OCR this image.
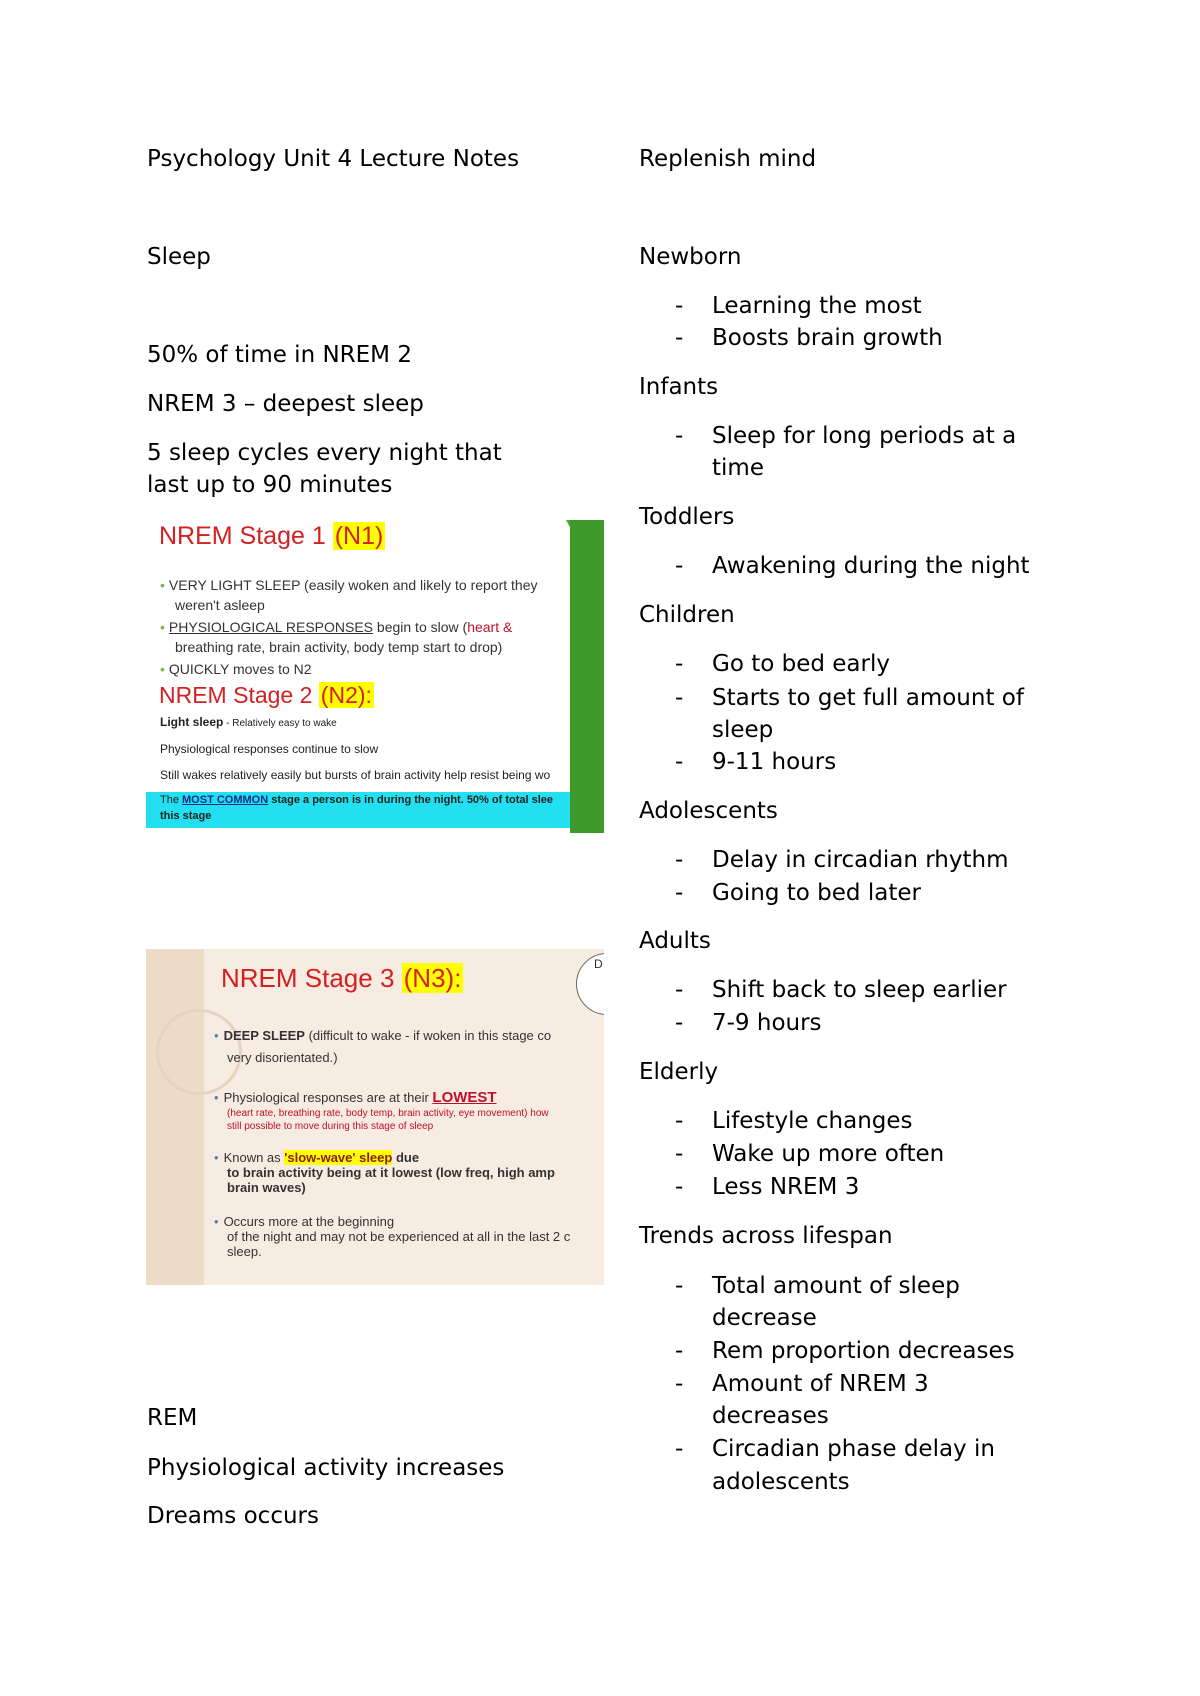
Psychology Unit 4 Lecture Notes

Sleep

50% of time in NREM 2

NREM 3 – deepest sleep

5 sleep cycles every night that

last up to 90 minutes

NREM Stage 1 (N1)
• VERY LIGHT SLEEP (easily woken and likely to report they
weren't asleep
• PHYSIOLOGICAL RESPONSES begin to slow (heart &
breathing rate, brain activity, body temp start to drop)
• QUICKLY moves to N2
NREM Stage 2 (N2):
Light sleep - Relatively easy to wake
Physiological responses continue to slow
Still wakes relatively easily but bursts of brain activity help resist being wo
The MOST COMMON stage a person is in during the night. 50% of total slee
this stage
D
NREM Stage 3 (N3):
• DEEP SLEEP (difficult to wake - if woken in this stage co
very disorientated.)
• Physiological responses are at their LOWEST
(heart rate, breathing rate, body temp, brain activity, eye movement) how
still possible to move during this stage of sleep
• Known as 'slow-wave' sleep due
to brain activity being at it lowest (low freq, high amp
brain waves)
• Occurs more at the beginning
of the night and may not be experienced at all in the last 2 c
sleep.

REM

Physiological activity increases

Dreams occurs

Replenish mind

Newborn

- Learning the most
- Boosts brain growth

Infants

- Sleep for long periods at a
time

Toddlers

- Awakening during the night

Children

- Go to bed early
- Starts to get full amount of
sleep
- 9-11 hours

Adolescents

- Delay in circadian rhythm
- Going to bed later

Adults

- Shift back to sleep earlier
- 7-9 hours

Elderly

- Lifestyle changes
- Wake up more often
- Less NREM 3

Trends across lifespan

- Total amount of sleep
decrease
- Rem proportion decreases
- Amount of NREM 3
decreases
- Circadian phase delay in
adolescents
